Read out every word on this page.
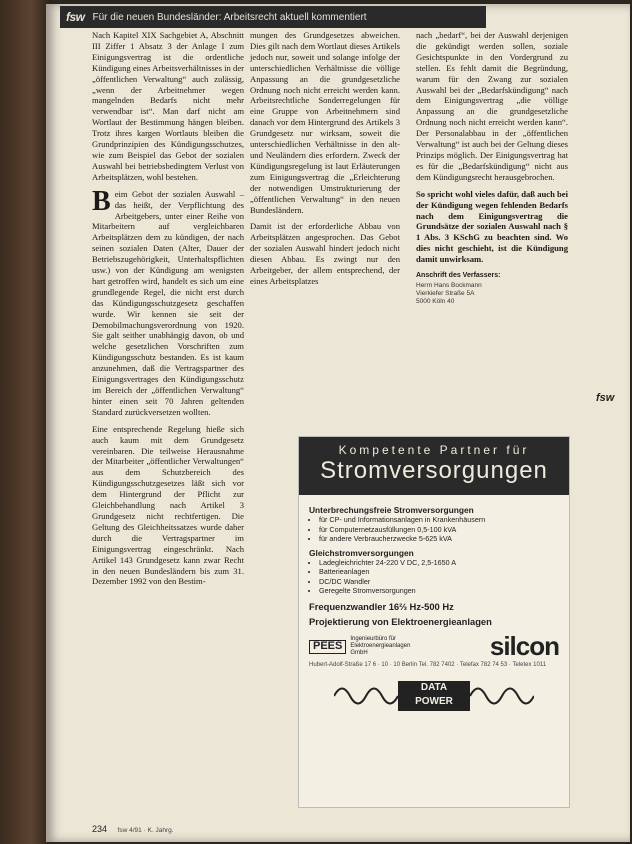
fsw Für die neuen Bundesländer: Arbeitsrecht aktuell kommentiert

Nach Kapitel XIX Sachgebiet A, Abschnitt III Ziffer 1 Absatz 3 der Anlage I zum Einigungsvertrag ist die ordentliche Kündigung eines Arbeitsverhältnisses in der „öffentlichen Verwaltung“ auch zulässig, „wenn der Arbeitnehmer wegen mangelnden Bedarfs nicht mehr verwendbar ist“. Man darf nicht am Wortlaut der Bestimmung hängen bleiben. Trotz ihres kargen Wortlauts bleiben die Grundprinzipien des Kündigungsschutzes, wie zum Beispiel das Gebot der sozialen Auswahl bei betriebsbedingtem Verlust von Arbeitsplätzen, wohl bestehen.

Beim Gebot der sozialen Auswahl – das heißt, der Verpflichtung des Arbeitgebers, unter einer Reihe von Mitarbeitern auf vergleichbaren Arbeitsplätzen dem zu kündigen, der nach seinen sozialen Daten (Alter, Dauer der Betriebszugehörigkeit, Unterhaltspflichten usw.) von der Kündigung am wenigsten hart getroffen wird, handelt es sich um eine grundlegende Regel, die nicht erst durch das Kündigungsschutzgesetz geschaffen wurde. Wir kennen sie seit der Demobilmachungsverordnung von 1920. Sie galt seither unabhängig davon, ob und welche gesetzlichen Vorschriften zum Kündigungsschutz bestanden. Es ist kaum anzunehmen, daß die Vertragspartner des Einigungsvertrages den Kündigungsschutz im Bereich der „öffentlichen Verwaltung“ hinter einen seit 70 Jahren geltenden Standard zurückversetzen wollten.

Eine entsprechende Regelung hieße sich auch kaum mit dem Grundgesetz vereinbaren. Die teilweise Herausnahme der Mitarbeiter „öffentlicher Verwaltungen“ aus dem Schutzbereich des Kündigungsschutzgesetzes läßt sich vor dem Hintergrund der Pflicht zur Gleichbehandlung nach Artikel 3 Grundgesetz nicht rechtfertigen. Die Geltung des Gleichheitssatzes wurde daher durch die Vertragspartner im Einigungsvertrag eingeschränkt. Nach Artikel 143 Grundgesetz kann zwar Recht in den neuen Bundesländern bis zum 31. Dezember 1992 von den Bestim-

mungen des Grundgesetzes abweichen. Dies gilt nach dem Wortlaut dieses Artikels jedoch nur, soweit und solange infolge der unterschiedlichen Verhältnisse die völlige Anpassung an die grundgesetzliche Ordnung noch nicht erreicht werden kann. Arbeitsrechtliche Sonderregelungen für eine Gruppe von Arbeitnehmern sind danach vor dem Hintergrund des Artikels 3 Grundgesetz nur wirksam, soweit die unterschiedlichen Verhältnisse in den alt- und Neuländern dies erfordern. Zweck der Kündigungsregelung ist laut Erläuterungen zum Einigungsvertrag die „Erleichterung der notwendigen Umstrukturierung der „öffentlichen Verwaltung“ in den neuen Bundesländern.

Damit ist der erforderliche Abbau von Arbeitsplätzen angesprochen. Das Gebot der sozialen Auswahl hindert jedoch nicht diesen Abbau. Es zwingt nur den Arbeitgeber, der allem entsprechend, der eines Arbeitsplatzes

nach „bedarf“, bei der Auswahl derjenigen die gekündigt werden sollen, soziale Gesichtspunkte in den Vordergrund zu stellen. Es fehlt damit die Begründung, warum für den Zwang zur sozialen Auswahl bei der „Bedarfskündigung“ nach dem Einigungsvertrag „die völlige Anpassung an die grundgesetzliche Ordnung noch nicht erreicht werden kann“. Der Personalabbau in der „öffentlichen Verwaltung“ ist auch bei der Geltung dieses Prinzips möglich. Der Einigungsvertrag hat es für die „Bedarfskündigung“ nicht aus dem Kündigungsrecht herausgebrochen.

So spricht wohl vieles dafür, daß auch bei der Kündigung wegen fehlenden Bedarfs nach dem Einigungsvertrag die Grundsätze der sozialen Auswahl nach § 1 Abs. 3 KSchG zu beachten sind. Wo dies nicht geschieht, ist die Kündigung damit unwirksam.

Anschrift des Verfassers:
Herrn Hans Bockmann
Vierkiefer Straße 5A
5000 Köln 40
fsw
Kompetente Partner für
Stromversorgungen
Unterbrechungsfreie Stromversorgungen
• für CP- und Informationsanlagen in Krankenhäusern
• für Computernetzausfüllungen 0,5-100 kVA
• für andere Verbraucherzwecke 5-625 kVA
Gleichstromversorgungen
• Ladegleichrichter 24-220 V DC, 2,5-1650 A
• Batterieanlagen
• DC/DC Wandler
• Geregelte Stromversorgungen
Frequenzwandler 16⅔ Hz-500 Hz
Projektierung von Elektroenergieanlagen
PEES
Ingenieurbüro für
Elektroenergieanlagen
GmbH	silcon
Hubert-Adolf-Straße 17 6 · 10 · 10 Berlin Tel. 782 7402 · Telefax 782 74 53 · Teletex 1011
DATA
POWER
234 fsw 4/91 · K. Jahrg.
